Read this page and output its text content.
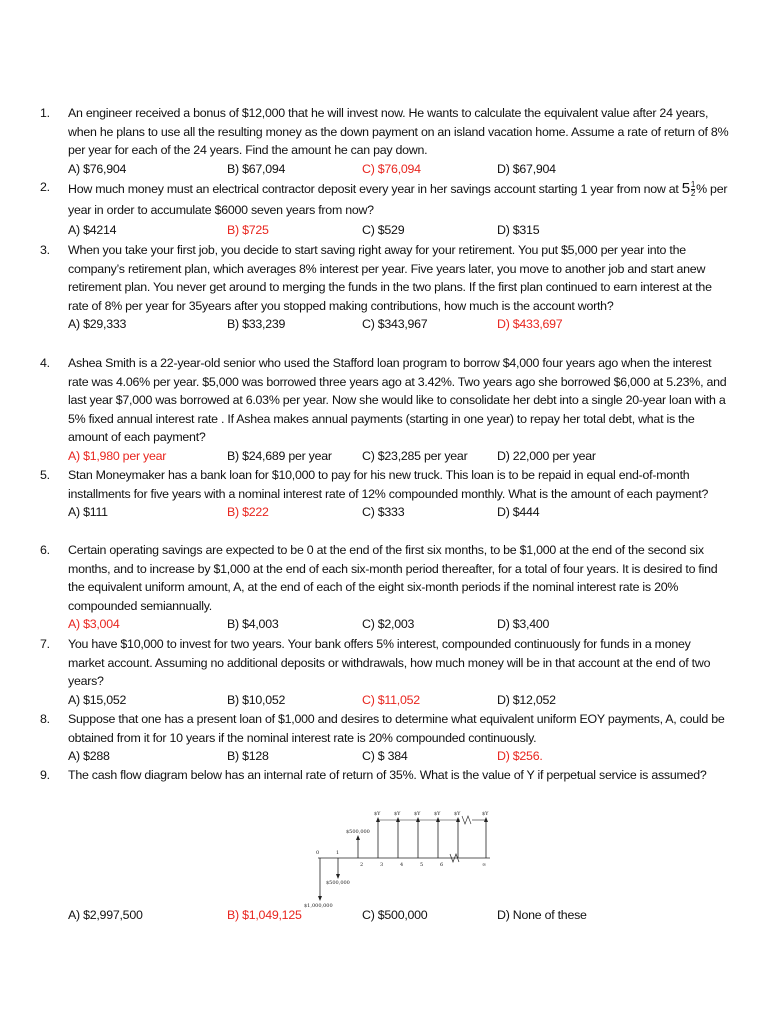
1.	An engineer received a bonus of $12,000 that he will invest now. He wants to calculate the equivalent value after 24 years, when he plans to use all the resulting money as the down payment on an island vacation home. Assume a rate of return of 8% per year for each of the 24 years. Find the amount he can pay down.
A) $76,904	B) $67,094	C) $76,094	D) $67,904
2.	How much money must an electrical contractor deposit every year in her savings account starting 1 year from now at $5 \frac{1}{2}$ % per year in order to accumulate $6000 seven years from now?
A) $4214	B) $725	C) $529	D) $315
3.	When you take your first job, you decide to start saving right away for your retirement. You put $5,000 per year into the company’s retirement plan, which averages 8% interest per year. Five years later, you move to another job and start anew retirement plan. You never get around to merging the funds in the two plans. If the first plan continued to earn interest at the rate of 8% per year for 35years after you stopped making contributions, how much is the account worth?
A) $29,333	B) $33,239	C) $343,967	D) $433,697
4.	Ashea Smith is a 22-year-old senior who used the Stafford loan program to borrow $4,000 four years ago when the interest rate was 4.06% per year. $5,000 was borrowed three years ago at 3.42%. Two years ago she borrowed $6,000 at 5.23%, and last year $7,000 was borrowed at 6.03% per year. Now she would like to consolidate her debt into a single 20-year loan with a 5% fixed annual interest rate . If Ashea makes annual payments (starting in one year) to repay her total debt, what is the amount of each payment?
A) $1,980 per year	B) $24,689 per year C) $23,285 per year D) 22,000 per year
5.	Stan Moneymaker has a bank loan for $10,000 to pay for his new truck. This loan is to be repaid in equal end-of-month installments for five years with a nominal interest rate of 12% compounded monthly. What is the amount of each payment?
A) $111	B) $222	C) $333	D) $444
6.	Certain operating savings are expected to be 0 at the end of the first six months, to be $1,000 at the end of the second six months, and to increase by $1,000 at the end of each six-month period thereafter, for a total of four years. It is desired to find the equivalent uniform amount, A, at the end of each of the eight six-month periods if the nominal interest rate is 20% compounded semiannually.
A) $3,004	B) $4,003	C) $2,003	D) $3,400
7.	You have $10,000 to invest for two years. Your bank offers 5% interest, compounded continuously for funds in a money market account. Assuming no additional deposits or withdrawals, how much money will be in that account at the end of two years?
A) $15,052	B) $10,052	C) $11,052	D) $12,052
8.	Suppose that one has a present loan of $1,000 and desires to determine what equivalent uniform EOY payments, A, could be obtained from it for 10 years if the nominal interest rate is 20% compounded continuously.
A) $288	B) $128	C) $ 384	D) $256.
9.	The cash flow diagram below has an internal rate of return of 35%. What is the value of Y if perpetual service is assumed?
$500,000
$1,000,000
$500,000
$Y	$Y	$Y	$Y	$Y	$Y
0	1
2	3	4	5	6	∞
A) $2,997,500	B) $1,049,125	C) $500,000	D) None of these
